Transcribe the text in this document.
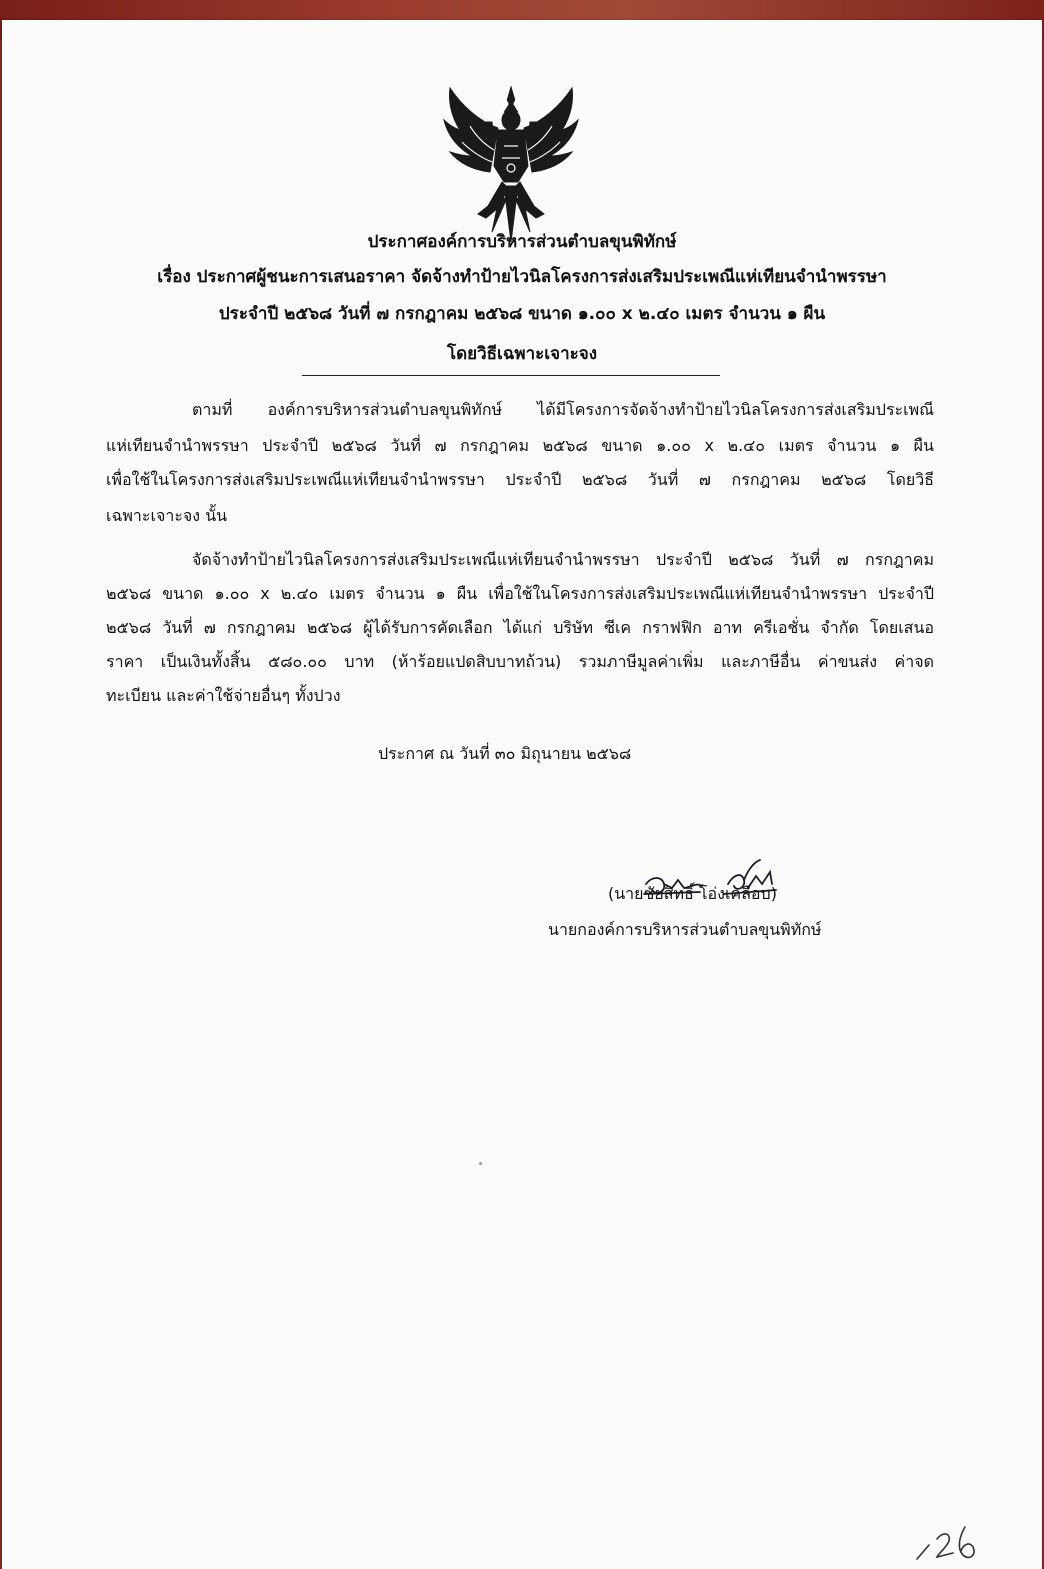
ประกาศองค์การบริหารส่วนตำบลขุนพิทักษ์
เรื่อง ประกาศผู้ชนะการเสนอราคา จัดจ้างทำป้ายไวนิลโครงการส่งเสริมประเพณีแห่เทียนจำนำพรรษา
ประจำปี ๒๕๖๘ วันที่ ๗ กรกฎาคม ๒๕๖๘ ขนาด ๑.๐๐ x ๒.๔๐ เมตร จำนวน ๑ ผืน
โดยวิธีเฉพาะเจาะจง
ตามที่ องค์การบริหารส่วนตำบลขุนพิทักษ์ ได้มีโครงการจัดจ้างทำป้ายไวนิลโครงการส่งเสริมประเพณี
แห่เทียนจำนำพรรษา ประจำปี ๒๕๖๘ วันที่ ๗ กรกฎาคม ๒๕๖๘ ขนาด ๑.๐๐ x ๒.๔๐ เมตร จำนวน ๑ ผืน
เพื่อใช้ในโครงการส่งเสริมประเพณีแห่เทียนจำนำพรรษา ประจำปี ๒๕๖๘ วันที่ ๗ กรกฎาคม ๒๕๖๘ โดยวิธี
เฉพาะเจาะจง นั้น
จัดจ้างทำป้ายไวนิลโครงการส่งเสริมประเพณีแห่เทียนจำนำพรรษา ประจำปี ๒๕๖๘ วันที่ ๗ กรกฎาคม
๒๕๖๘ ขนาด ๑.๐๐ x ๒.๔๐ เมตร จำนวน ๑ ผืน เพื่อใช้ในโครงการส่งเสริมประเพณีแห่เทียนจำนำพรรษา ประจำปี
๒๕๖๘ วันที่ ๗ กรกฎาคม ๒๕๖๘ ผู้ได้รับการคัดเลือก ได้แก่ บริษัท ซีเค กราฟฟิก อาท ครีเอชั่น จำกัด โดยเสนอ
ราคา เป็นเงินทั้งสิ้น ๕๘๐.๐๐ บาท (ห้าร้อยแปดสิบบาทถ้วน) รวมภาษีมูลค่าเพิ่ม และภาษีอื่น ค่าขนส่ง ค่าจด
ทะเบียน และค่าใช้จ่ายอื่นๆ ทั้งปวง
ประกาศ ณ วันที่ ๓๐ มิถุนายน ๒๕๖๘
(นายชัยสิทธิ์ โอ่งเคลือบ)
นายกองค์การบริหารส่วนตำบลขุนพิทักษ์
